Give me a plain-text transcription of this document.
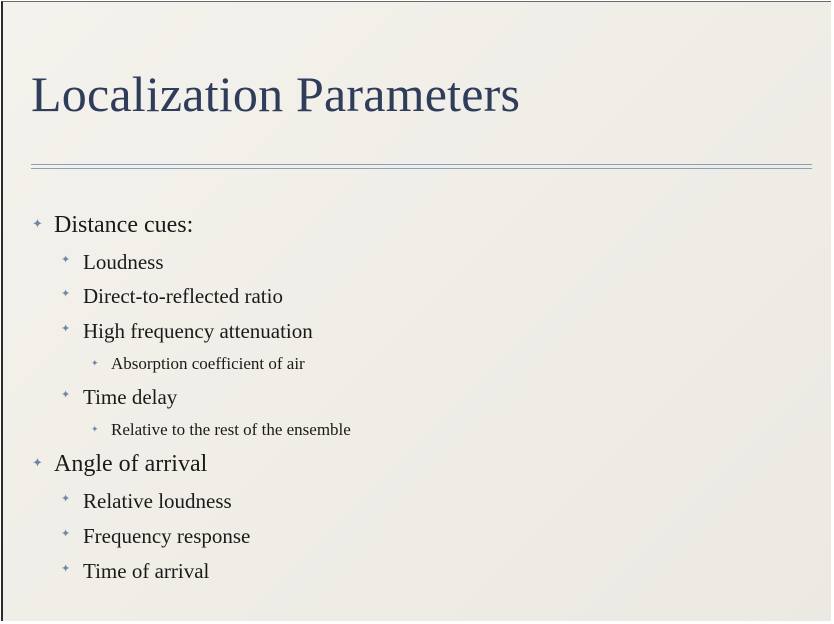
Localization Parameters
✦ Distance cues:
✦ Loudness
✦ Direct-to-reflected ratio
✦ High frequency attenuation
✦ Absorption coefficient of air
✦ Time delay
✦ Relative to the rest of the ensemble
✦ Angle of arrival
✦ Relative loudness
✦ Frequency response
✦ Time of arrival
